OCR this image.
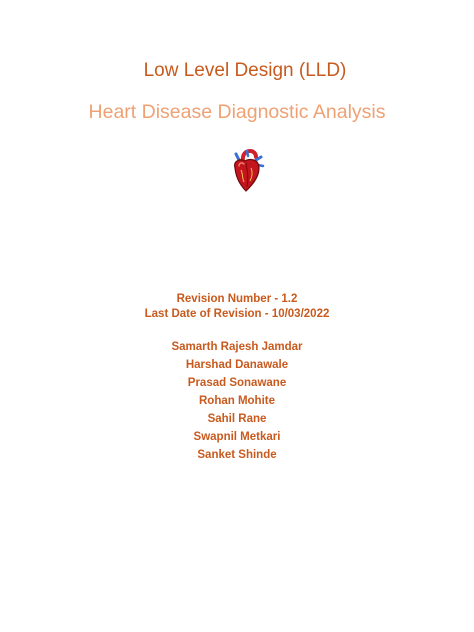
Low Level Design (LLD)
Heart Disease Diagnostic Analysis
Revision Number - 1.2
Last Date of Revision - 10/03/2022
Samarth Rajesh Jamdar
Harshad Danawale
Prasad Sonawane
Rohan Mohite
Sahil Rane
Swapnil Metkari
Sanket Shinde
